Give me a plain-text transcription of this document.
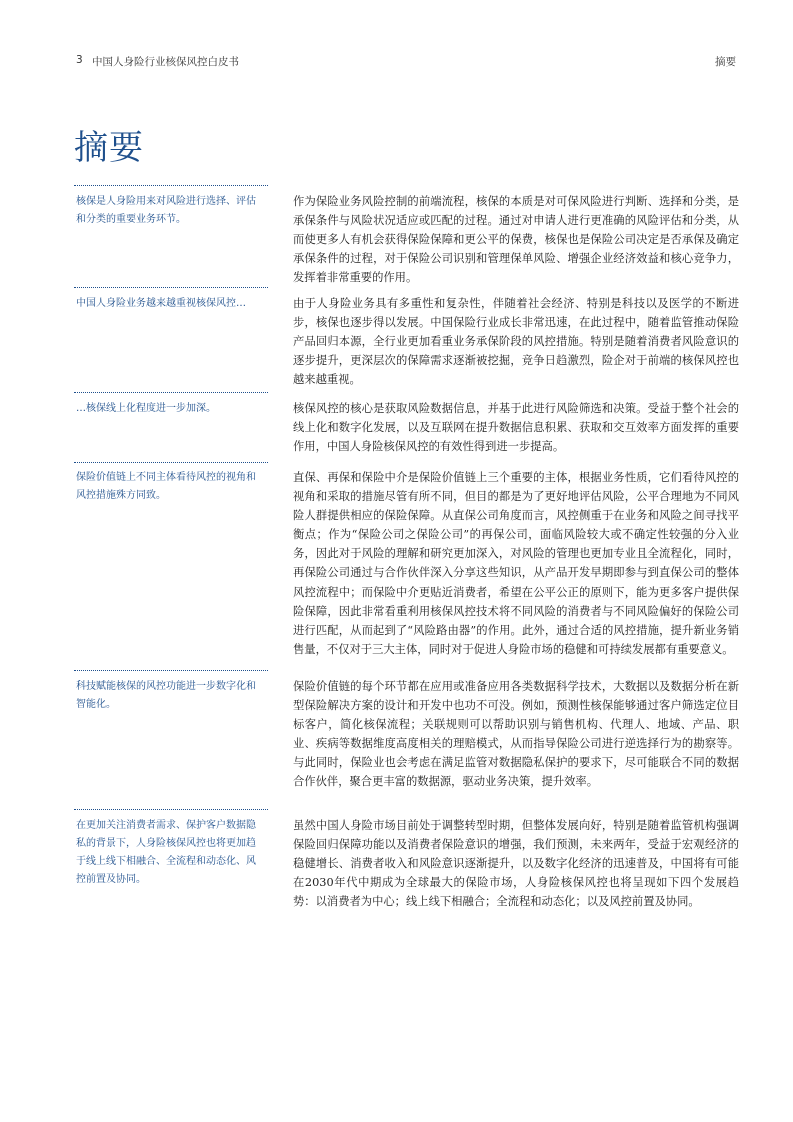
3 中国人身险行业核保风控白皮书	摘要
摘要
核保是人身险用来对风险进行选择、评估和分类的重要业务环节。
作为保险业务风险控制的前端流程，核保的本质是对可保风险进行判断、选择和分类，是承保条件与风险状况适应或匹配的过程。通过对申请人进行更准确的风险评估和分类，从而使更多人有机会获得保险保障和更公平的保费，核保也是保险公司决定是否承保及确定承保条件的过程，对于保险公司识别和管理保单风险、增强企业经济效益和核心竞争力，发挥着非常重要的作用。
中国人身险业务越来越重视核保风控…	由于人身险业务具有多重性和复杂性，伴随着社会经济、特别是科技以及医学的不断进步，核保也逐步得以发展。中国保险行业成长非常迅速，在此过程中，随着监管推动保险产品回归本源，全行业更加看重业务承保阶段的风控措施。特别是随着消费者风险意识的逐步提升，更深层次的保障需求逐渐被挖掘，竞争日趋激烈，险企对于前端的核保风控也越来越重视。
…核保线上化程度进一步加深。	核保风控的核心是获取风险数据信息，并基于此进行风险筛选和决策。受益于整个社会的线上化和数字化发展，以及互联网在提升数据信息积累、获取和交互效率方面发挥的重要作用，中国人身险核保风控的有效性得到进一步提高。
保险价值链上不同主体看待风控的视角和风控措施殊方同致。
直保、再保和保险中介是保险价值链上三个重要的主体，根据业务性质，它们看待风控的视角和采取的措施尽管有所不同，但目的都是为了更好地评估风险，公平合理地为不同风险人群提供相应的保险保障。从直保公司角度而言，风控侧重于在业务和风险之间寻找平衡点；作为“保险公司之保险公司”的再保公司，面临风险较大或不确定性较强的分入业务，因此对于风险的理解和研究更加深入，对风险的管理也更加专业且全流程化，同时，再保险公司通过与合作伙伴深入分享这些知识，从产品开发早期即参与到直保公司的整体风控流程中；而保险中介更贴近消费者，希望在公平公正的原则下，能为更多客户提供保险保障，因此非常看重利用核保风控技术将不同风险的消费者与不同风险偏好的保险公司进行匹配，从而起到了“风险路由器”的作用。此外，通过合适的风控措施，提升新业务销售量，不仅对于三大主体，同时对于促进人身险市场的稳健和可持续发展都有重要意义。
科技赋能核保的风控功能进一步数字化和智能化。
保险价值链的每个环节都在应用或准备应用各类数据科学技术，大数据以及数据分析在新型保险解决方案的设计和开发中也功不可没。例如，预测性核保能够通过客户筛选定位目标客户，简化核保流程；关联规则可以帮助识别与销售机构、代理人、地域、产品、职业、疾病等数据维度高度相关的理赔模式，从而指导保险公司进行逆选择行为的勘察等。与此同时，保险业也会考虑在满足监管对数据隐私保护的要求下，尽可能联合不同的数据合作伙伴，聚合更丰富的数据源，驱动业务决策，提升效率。
在更加关注消费者需求、保护客户数据隐私的背景下，人身险核保风控也将更加趋于线上线下相融合、全流程和动态化、风控前置及协同。
虽然中国人身险市场目前处于调整转型时期，但整体发展向好，特别是随着监管机构强调保险回归保障功能以及消费者保险意识的增强，我们预测，未来两年，受益于宏观经济的稳健增长、消费者收入和风险意识逐渐提升，以及数字化经济的迅速普及，中国将有可能在2030年代中期成为全球最大的保险市场，人身险核保风控也将呈现如下四个发展趋势：以消费者为中心；线上线下相融合；全流程和动态化；以及风控前置及协同。
